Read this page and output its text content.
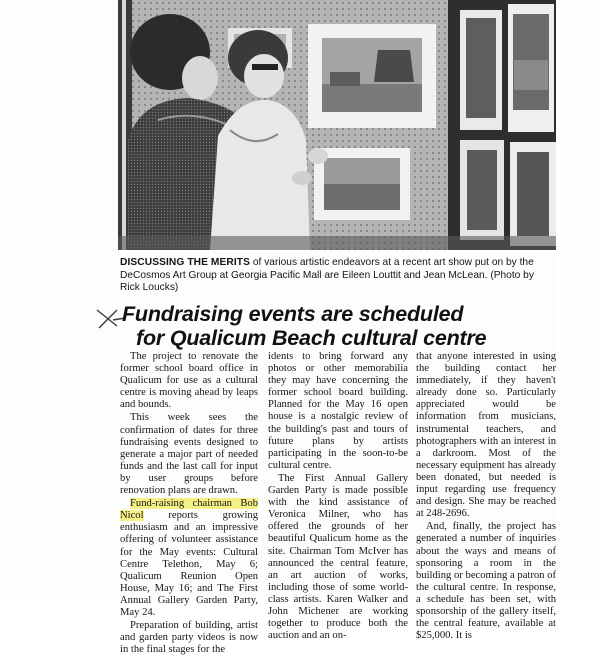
DISCUSSING THE MERITS of various artistic endeavors at a recent art show put on by the DeCosmos Art Group at Georgia Pacific Mall are Eileen Louttit and Jean McLean. (Photo by Rick Loucks)
Fundraising events are scheduled
for Qualicum Beach cultural centre

The project to renovate the former school board office in Qualicum for use as a cultural centre is moving ahead by leaps and bounds.

This week sees the confirmation of dates for three fundraising events designed to generate a major part of needed funds and the last call for input by user groups before renovation plans are drawn.

Fund-raising chairman Bob Nicol reports growing enthusiasm and an impressive offering of volunteer assistance for the May events: Cultural Centre Telethon, May 6; Qualicum Reunion Open House, May 16; and The First Annual Gallery Garden Party, May 24.

Preparation of building, artist and garden party videos is now in the final stages for the

idents to bring forward any photos or other memorabilia they may have concerning the former school board building. Planned for the May 16 open house is a nostalgic review of the building's past and tours of future plans by artists participating in the soon-to-be cultural centre.

The First Annual Gallery Garden Party is made possible with the kind assistance of Veronica Milner, who has offered the grounds of her beautiful Qualicum home as the site. Chairman Tom McIver has announced the central feature, an art auction of works, including those of some world-class artists. Karen Walker and John Michener are working together to produce both the auction and an on-

that anyone interested in using the building contact her immediately, if they haven't already done so. Particularly appreciated would be information from musicians, instrumental teachers, and photographers with an interest in a darkroom. Most of the necessary equipment has already been donated, but needed is input regarding use frequency and design. She may be reached at 248-2696.

And, finally, the project has generated a number of inquiries about the ways and means of sponsoring a room in the building or becoming a patron of the cultural centre. In response, a schedule has been set, with sponsorship of the gallery itself, the central feature, available at $25,000. It is
